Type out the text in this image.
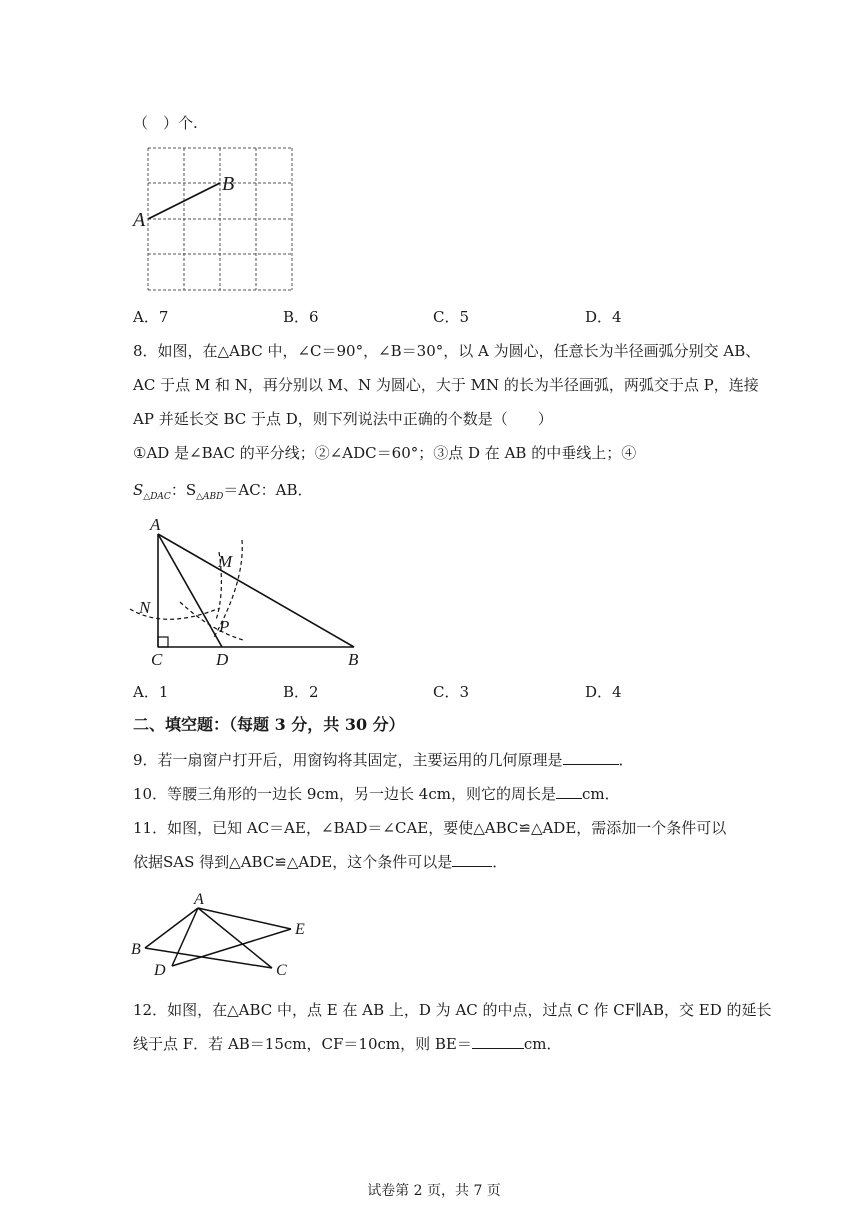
（　）个.
A
B
A．7	B．6	C．5	D．4
8．如图，在△ABC 中，∠C＝90°，∠B＝30°，以 A 为圆心，任意长为半径画弧分别交 AB、
AC 于点 M 和 N，再分别以 M、N 为圆心，大于 MN 的长为半径画弧，两弧交于点 P，连接
AP 并延长交 BC 于点 D，则下列说法中正确的个数是（　　）
①AD 是∠BAC 的平分线；②∠ADC＝60°；③点 D 在 AB 的中垂线上；④
$S_{\triangle DAC}$：$S_{\triangle ABD}=AC$：AB．
A
M
N
P
C	D	B
A．1	B．2	C．3	D．4
二、填空题：（每题 3 分，共 30 分）
9．若一扇窗户打开后，用窗钩将其固定，主要运用的几何原理是	．
10．等腰三角形的一边长 9cm，另一边长 4cm，则它的周长是 cm．
11．如图，已知 AC＝AE，∠BAD＝∠CAE，要使△ABC≌△ADE，需添加一个条件可以
依据SAS 得到△ABC≌△ADE，这个条件可以是	．
A
B
C
D
E
12．如图，在△ABC 中，点 E 在 AB 上，D 为 AC 的中点，过点 C 作 CF∥AB，交 ED 的延长
线于点 F．若 AB＝15cm，CF＝10cm，则 BE＝	cm．
试卷第 2 页，共 7 页
